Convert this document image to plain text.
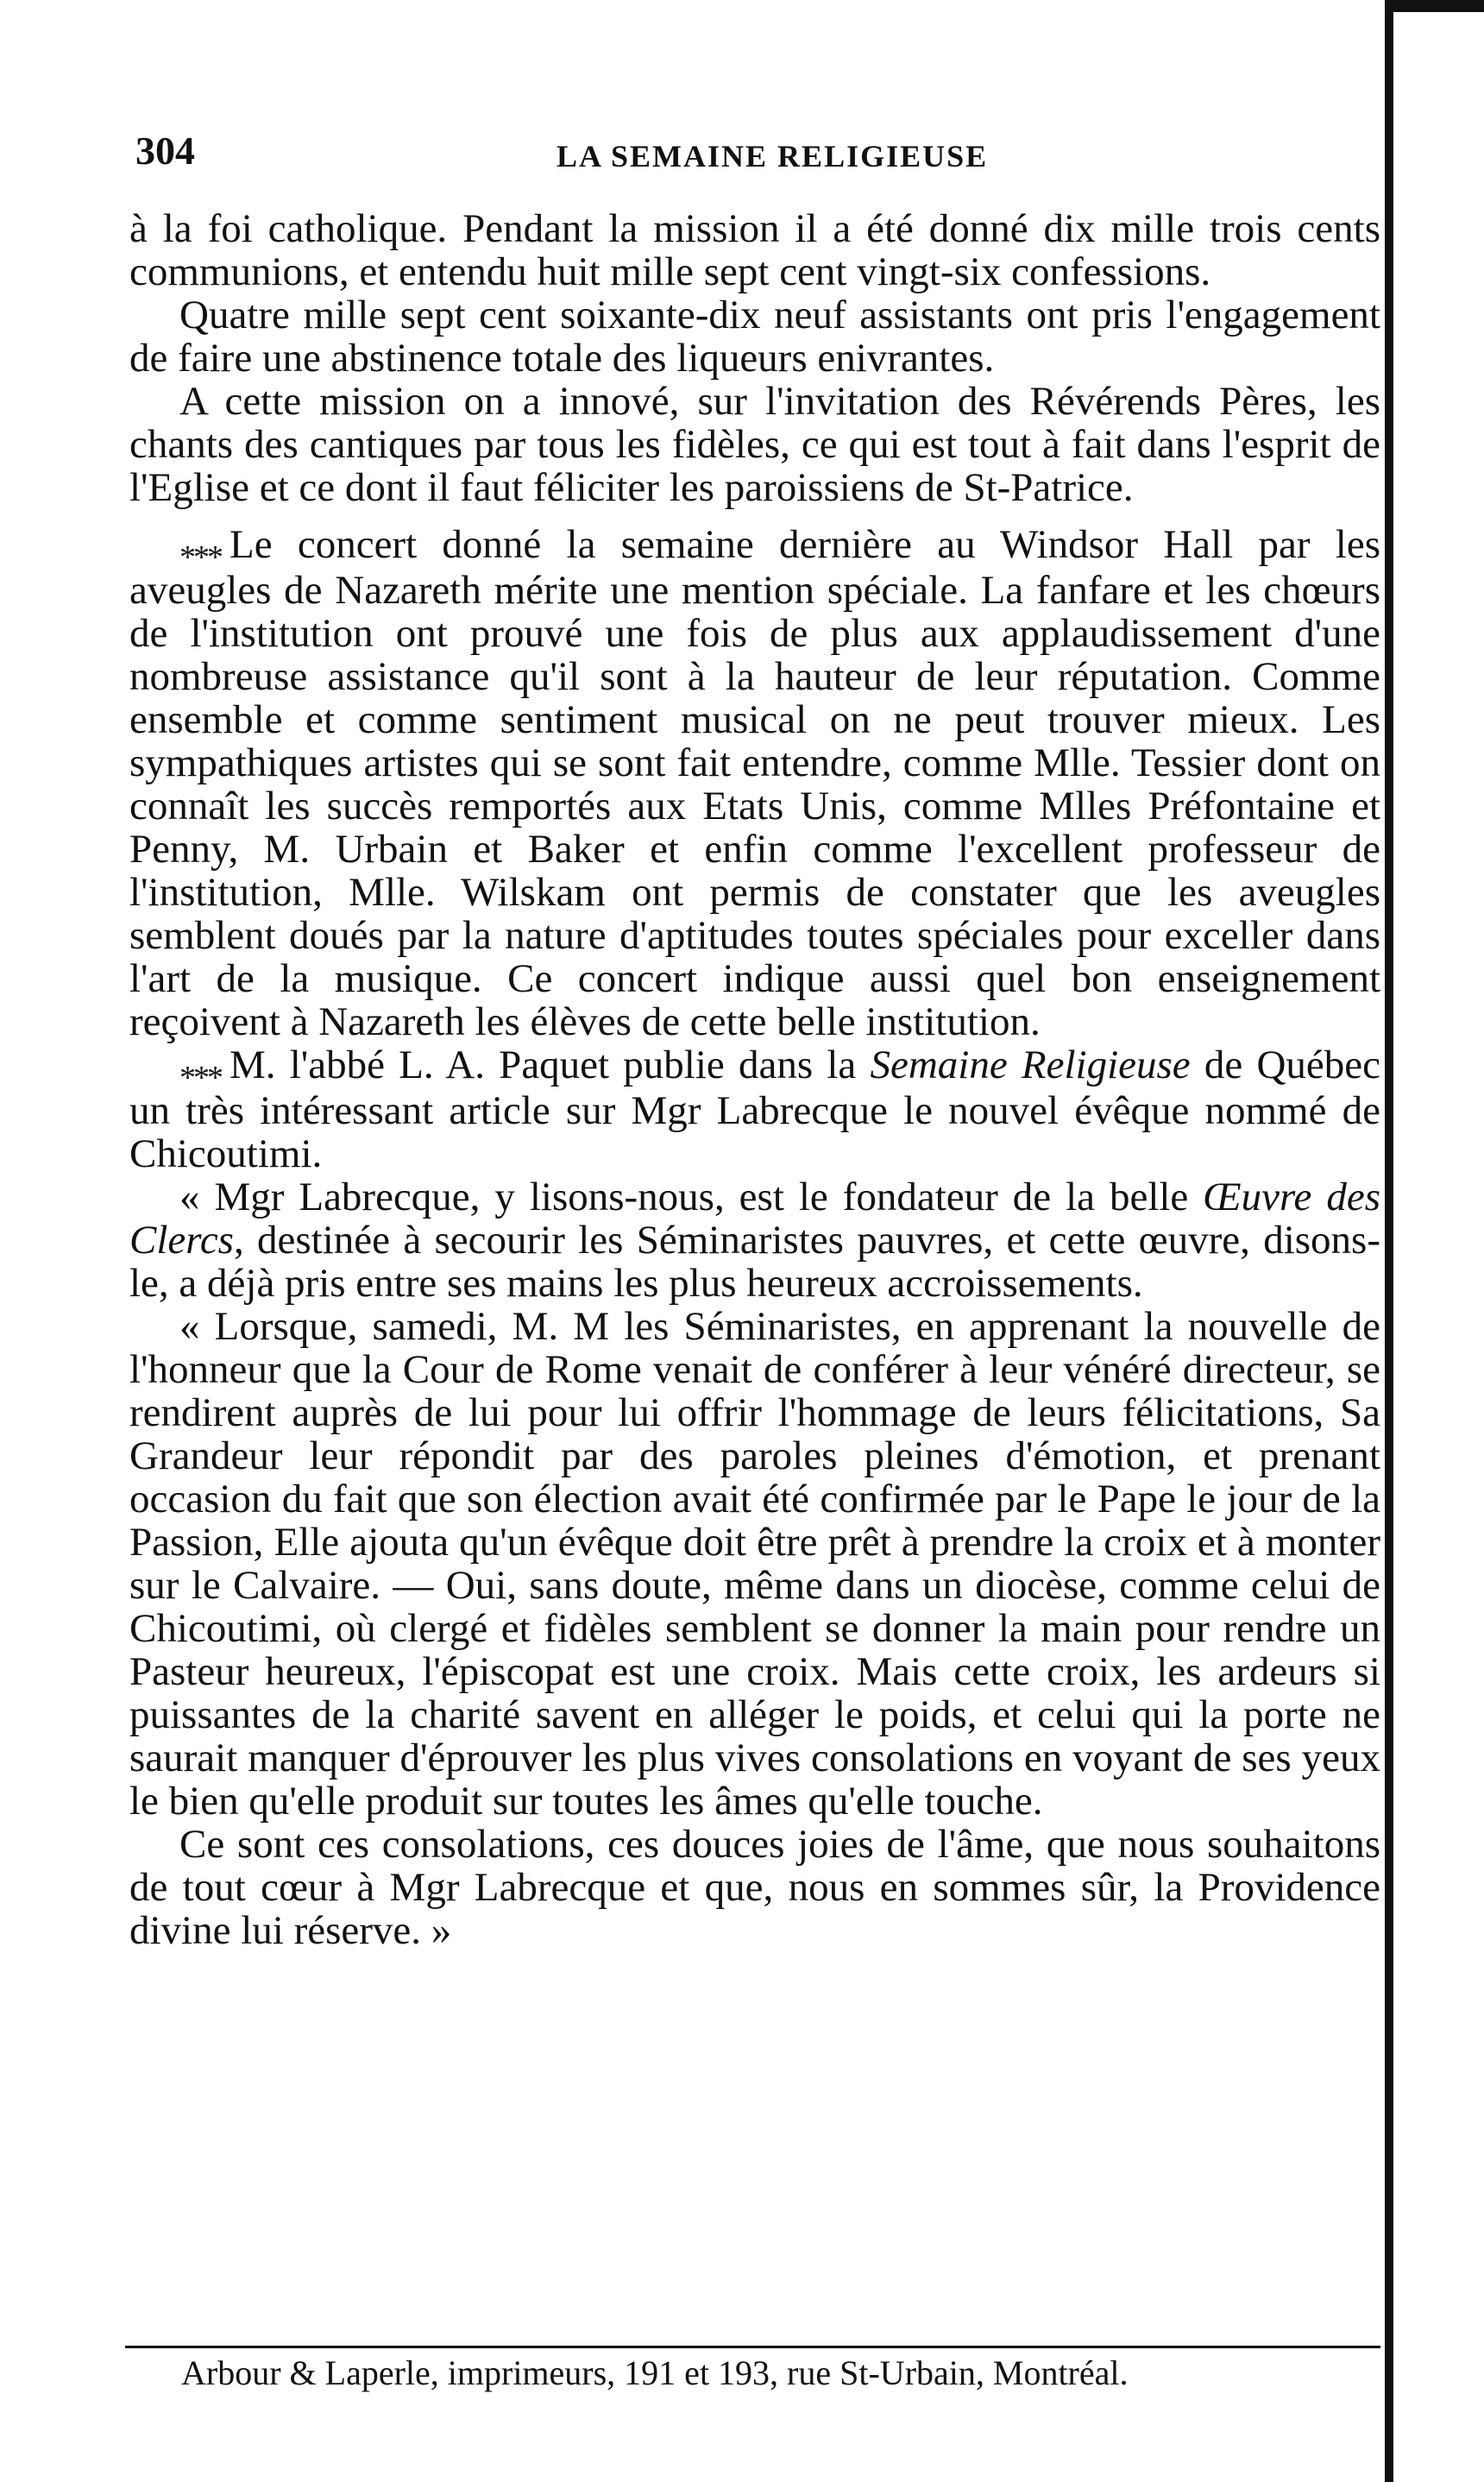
304	LA SEMAINE RELIGIEUSE

à la foi catholique. Pendant la mission il a été donné dix mille trois cents communions, et entendu huit mille sept cent vingt-six confessions.

Quatre mille sept cent soixante-dix neuf assistants ont pris l'engagement de faire une abstinence totale des liqueurs enivrantes.

A cette mission on a innové, sur l'invitation des Révérends Pères, les chants des cantiques par tous les fidèles, ce qui est tout à fait dans l'esprit de l'Eglise et ce dont il faut féliciter les paroissiens de St-Patrice.

$_{***}$ Le concert donné la semaine dernière au Windsor Hall par les aveugles de Nazareth mérite une mention spéciale. La fanfare et les chœurs de l'institution ont prouvé une fois de plus aux applaudissement d'une nombreuse assistance qu'il sont à la hauteur de leur réputation. Comme ensemble et comme sentiment musical on ne peut trouver mieux. Les sympathiques artistes qui se sont fait entendre, comme Mlle. Tessier dont on connaît les succès remportés aux Etats Unis, comme Mlles Préfontaine et Penny, M. Urbain et Baker et enfin comme l'excellent professeur de l'institution, Mlle. Wilskam ont permis de constater que les aveugles semblent doués par la nature d'aptitudes toutes spéciales pour exceller dans l'art de la musique. Ce concert indique aussi quel bon enseignement reçoivent à Nazareth les élèves de cette belle institution.

$_{***}$ M. l'abbé L. A. Paquet publie dans la Semaine Religieuse de Québec un très intéressant article sur Mgr Labrecque le nouvel évêque nommé de Chicoutimi.

« Mgr Labrecque, y lisons-nous, est le fondateur de la belle Œuvre des Clercs, destinée à secourir les Séminaristes pauvres, et cette œuvre, disons-le, a déjà pris entre ses mains les plus heureux accroissements.

« Lorsque, samedi, M. M les Séminaristes, en apprenant la nouvelle de l'honneur que la Cour de Rome venait de conférer à leur vénéré directeur, se rendirent auprès de lui pour lui offrir l'hommage de leurs félicitations, Sa Grandeur leur répondit par des paroles pleines d'émotion, et prenant occasion du fait que son élection avait été confirmée par le Pape le jour de la Passion, Elle ajouta qu'un évêque doit être prêt à prendre la croix et à monter sur le Calvaire. — Oui, sans doute, même dans un diocèse, comme celui de Chicoutimi, où clergé et fidèles semblent se donner la main pour rendre un Pasteur heureux, l'épiscopat est une croix. Mais cette croix, les ardeurs si puissantes de la charité savent en alléger le poids, et celui qui la porte ne saurait manquer d'éprouver les plus vives consolations en voyant de ses yeux le bien qu'elle produit sur toutes les âmes qu'elle touche.

Ce sont ces consolations, ces douces joies de l'âme, que nous souhaitons de tout cœur à Mgr Labrecque et que, nous en sommes sûr, la Providence divine lui réserve. »

Arbour & Laperle, imprimeurs, 191 et 193, rue St-Urbain, Montréal.
